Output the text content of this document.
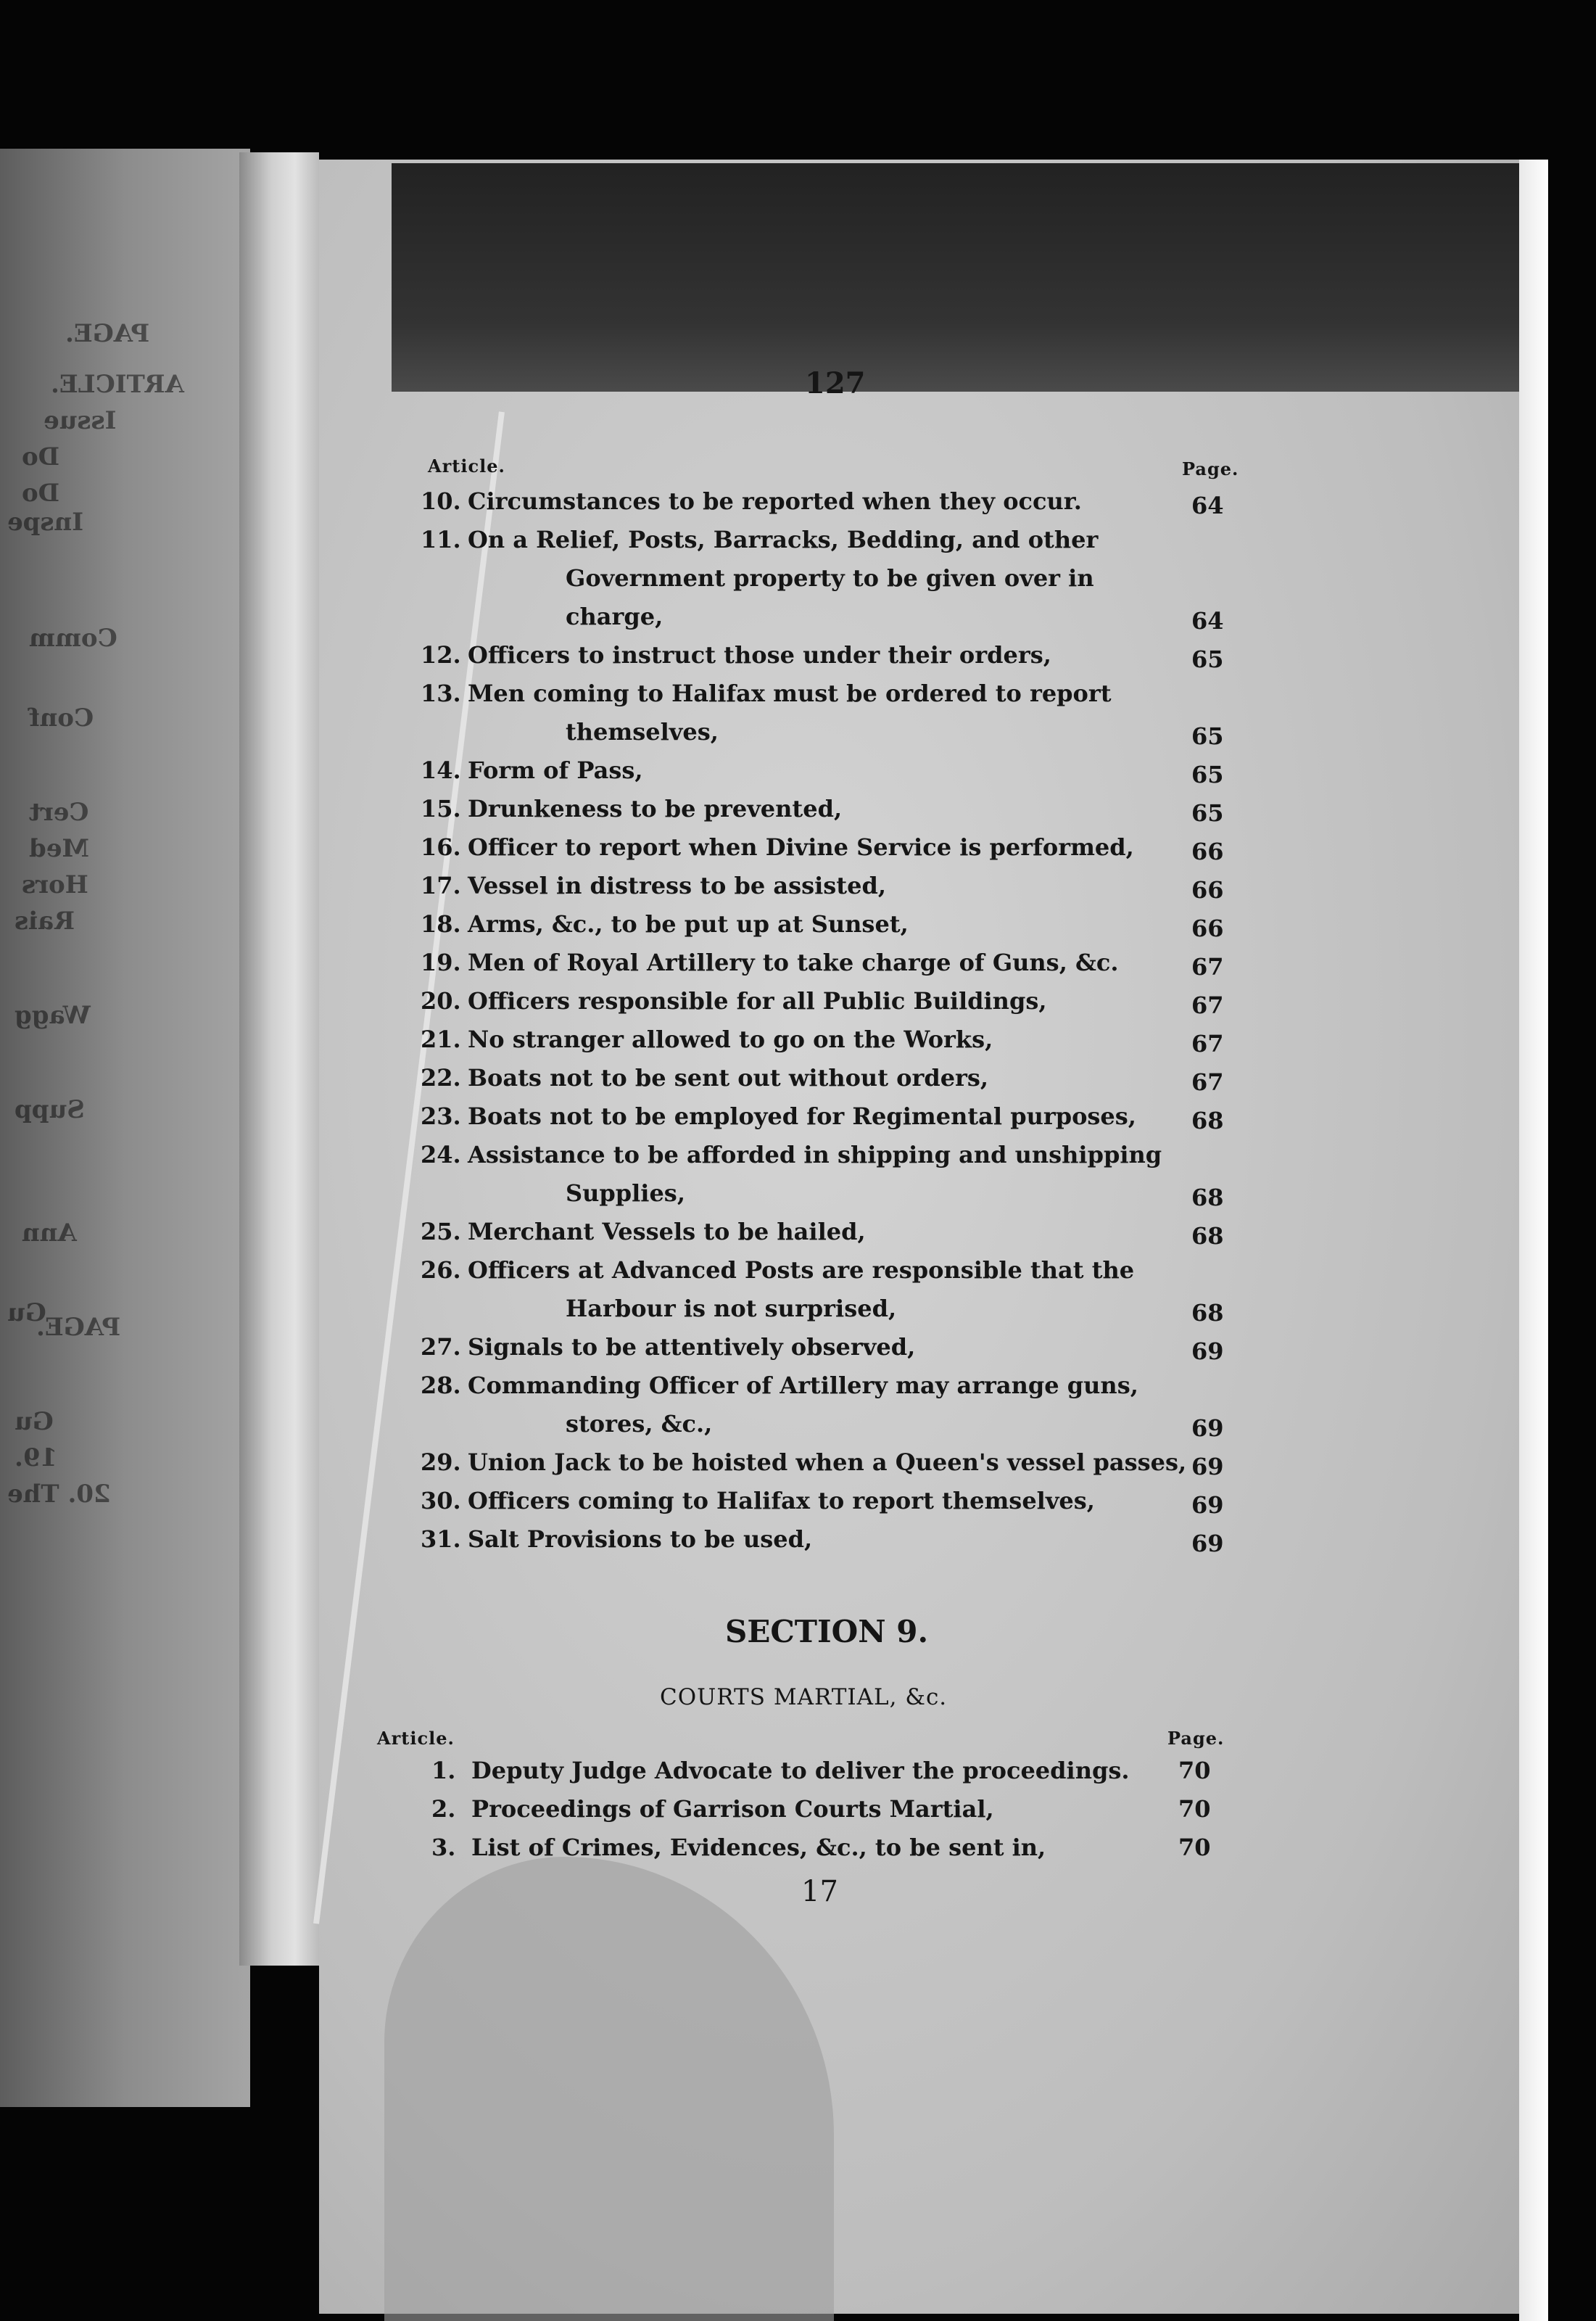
PAGE.
ARTICLE.
Issue
Do
Do
Inspe
Comm
Conf
Cert
Med
Hors
Rais
Wagg
Supp
Ann
Gu
PAGE.
Gu
19.
20. The
127
Article.	Page.
10. Circumstances to be reported when they occur.	64
11. On a Relief, Posts, Barracks, Bedding, and other
Government property to be given over in
charge,	64
12. Officers to instruct those under their orders,	65
13. Men coming to Halifax must be ordered to report
themselves,	65
14. Form of Pass,	65
15. Drunkeness to be prevented,	65
16. Officer to report when Divine Service is performed, 66
17. Vessel in distress to be assisted,	66
18. Arms, &c., to be put up at Sunset,	66
19. Men of Royal Artillery to take charge of Guns, &c.	67
20. Officers responsible for all Public Buildings,	67
21. No stranger allowed to go on the Works,	67
22. Boats not to be sent out without orders,	67
23. Boats not to be employed for Regimental purposes, 68
24. Assistance to be afforded in shipping and unshipping
Supplies,	68
25. Merchant Vessels to be hailed,	68
26. Officers at Advanced Posts are responsible that the
Harbour is not surprised,	68
27. Signals to be attentively observed,	69
28. Commanding Officer of Artillery may arrange guns,
stores, &c.,	69
29. Union Jack to be hoisted when a Queen's vessel passes, 69
30. Officers coming to Halifax to report themselves,	69
31. Salt Provisions to be used,	69
SECTION 9.
COURTS MARTIAL, &c.
Article.	Page.
1. Deputy Judge Advocate to deliver the proceedings. 70
2. Proceedings of Garrison Courts Martial,	70
3. List of Crimes, Evidences, &c., to be sent in,	70
17
